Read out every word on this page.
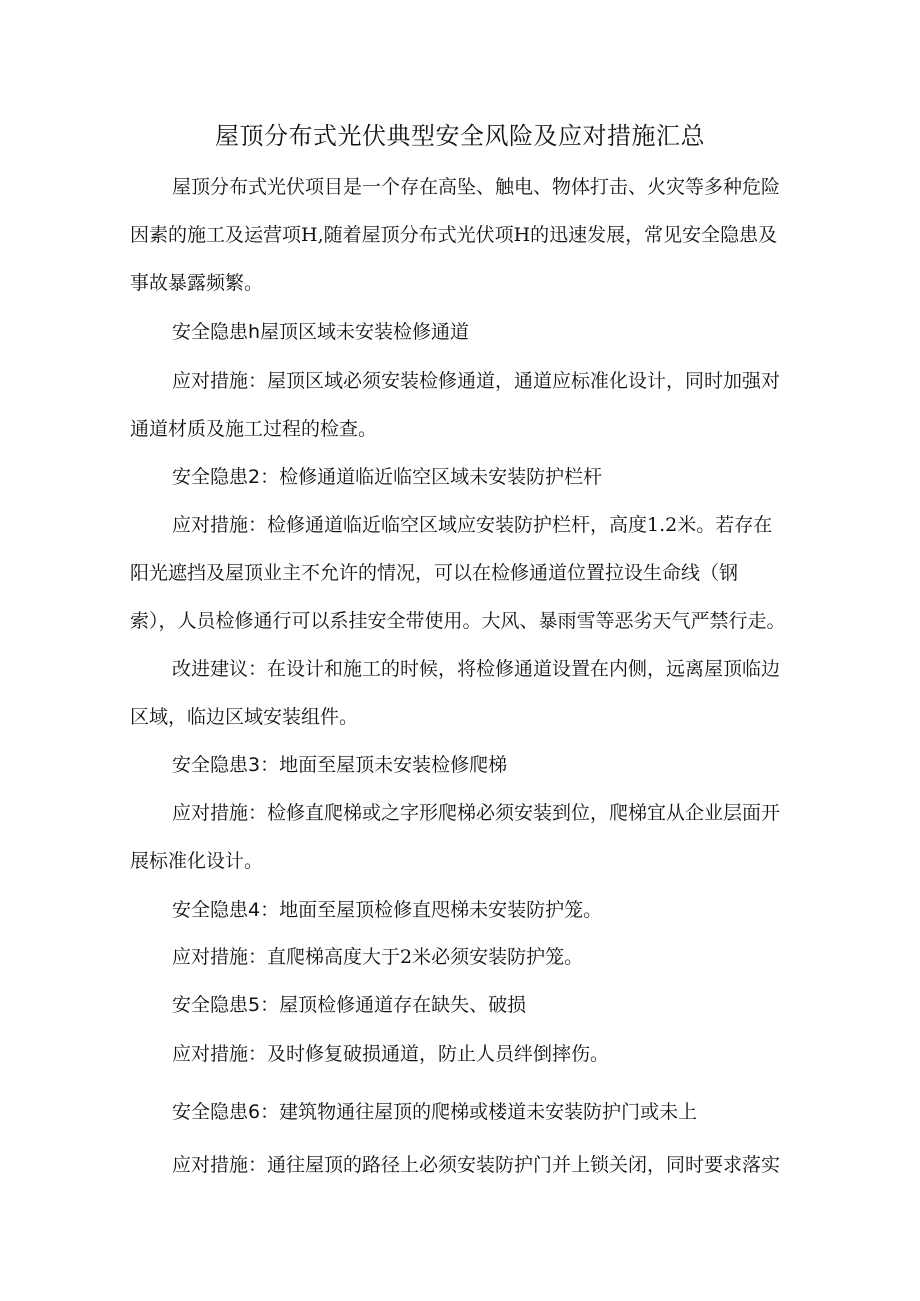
屋顶分布式光伏典型安全风险及应对措施汇总
屋顶分布式光伏项目是一个存在高坠、触电、物体打击、火灾等多种危险
因素的施工及运营项H,随着屋顶分布式光伏项H的迅速发展，常见安全隐患及
事故暴露频繁。
安全隐患h屋顶区域未安装检修通道
应对措施：屋顶区域必须安装检修通道，通道应标准化设计，同时加强对
通道材质及施工过程的检查。
安全隐患2：检修通道临近临空区域未安装防护栏杆
应对措施：检修通道临近临空区域应安装防护栏杆，高度1.2米。若存在
阳光遮挡及屋顶业主不允许的情况，可以在检修通道位置拉设生命线（钢
索），人员检修通行可以系挂安全带使用。大风、暴雨雪等恶劣天气严禁行走。
改进建议：在设计和施工的时候，将检修通道设置在内侧，远离屋顶临边
区域，临边区域安装组件。
安全隐患3：地面至屋顶未安装检修爬梯
应对措施：检修直爬梯或之字形爬梯必须安装到位，爬梯宜从企业层面开
展标准化设计。
安全隐患4：地面至屋顶检修直咫梯未安装防护笼。
应对措施：直爬梯高度大于2米必须安装防护笼。
安全隐患5：屋顶检修通道存在缺失、破损
应对措施：及时修复破损通道，防止人员绊倒摔伤。
安全隐患6：建筑物通往屋顶的爬梯或楼道未安装防护门或未上
应对措施：通往屋顶的路径上必须安装防护门并上锁关闭，同时要求落实
